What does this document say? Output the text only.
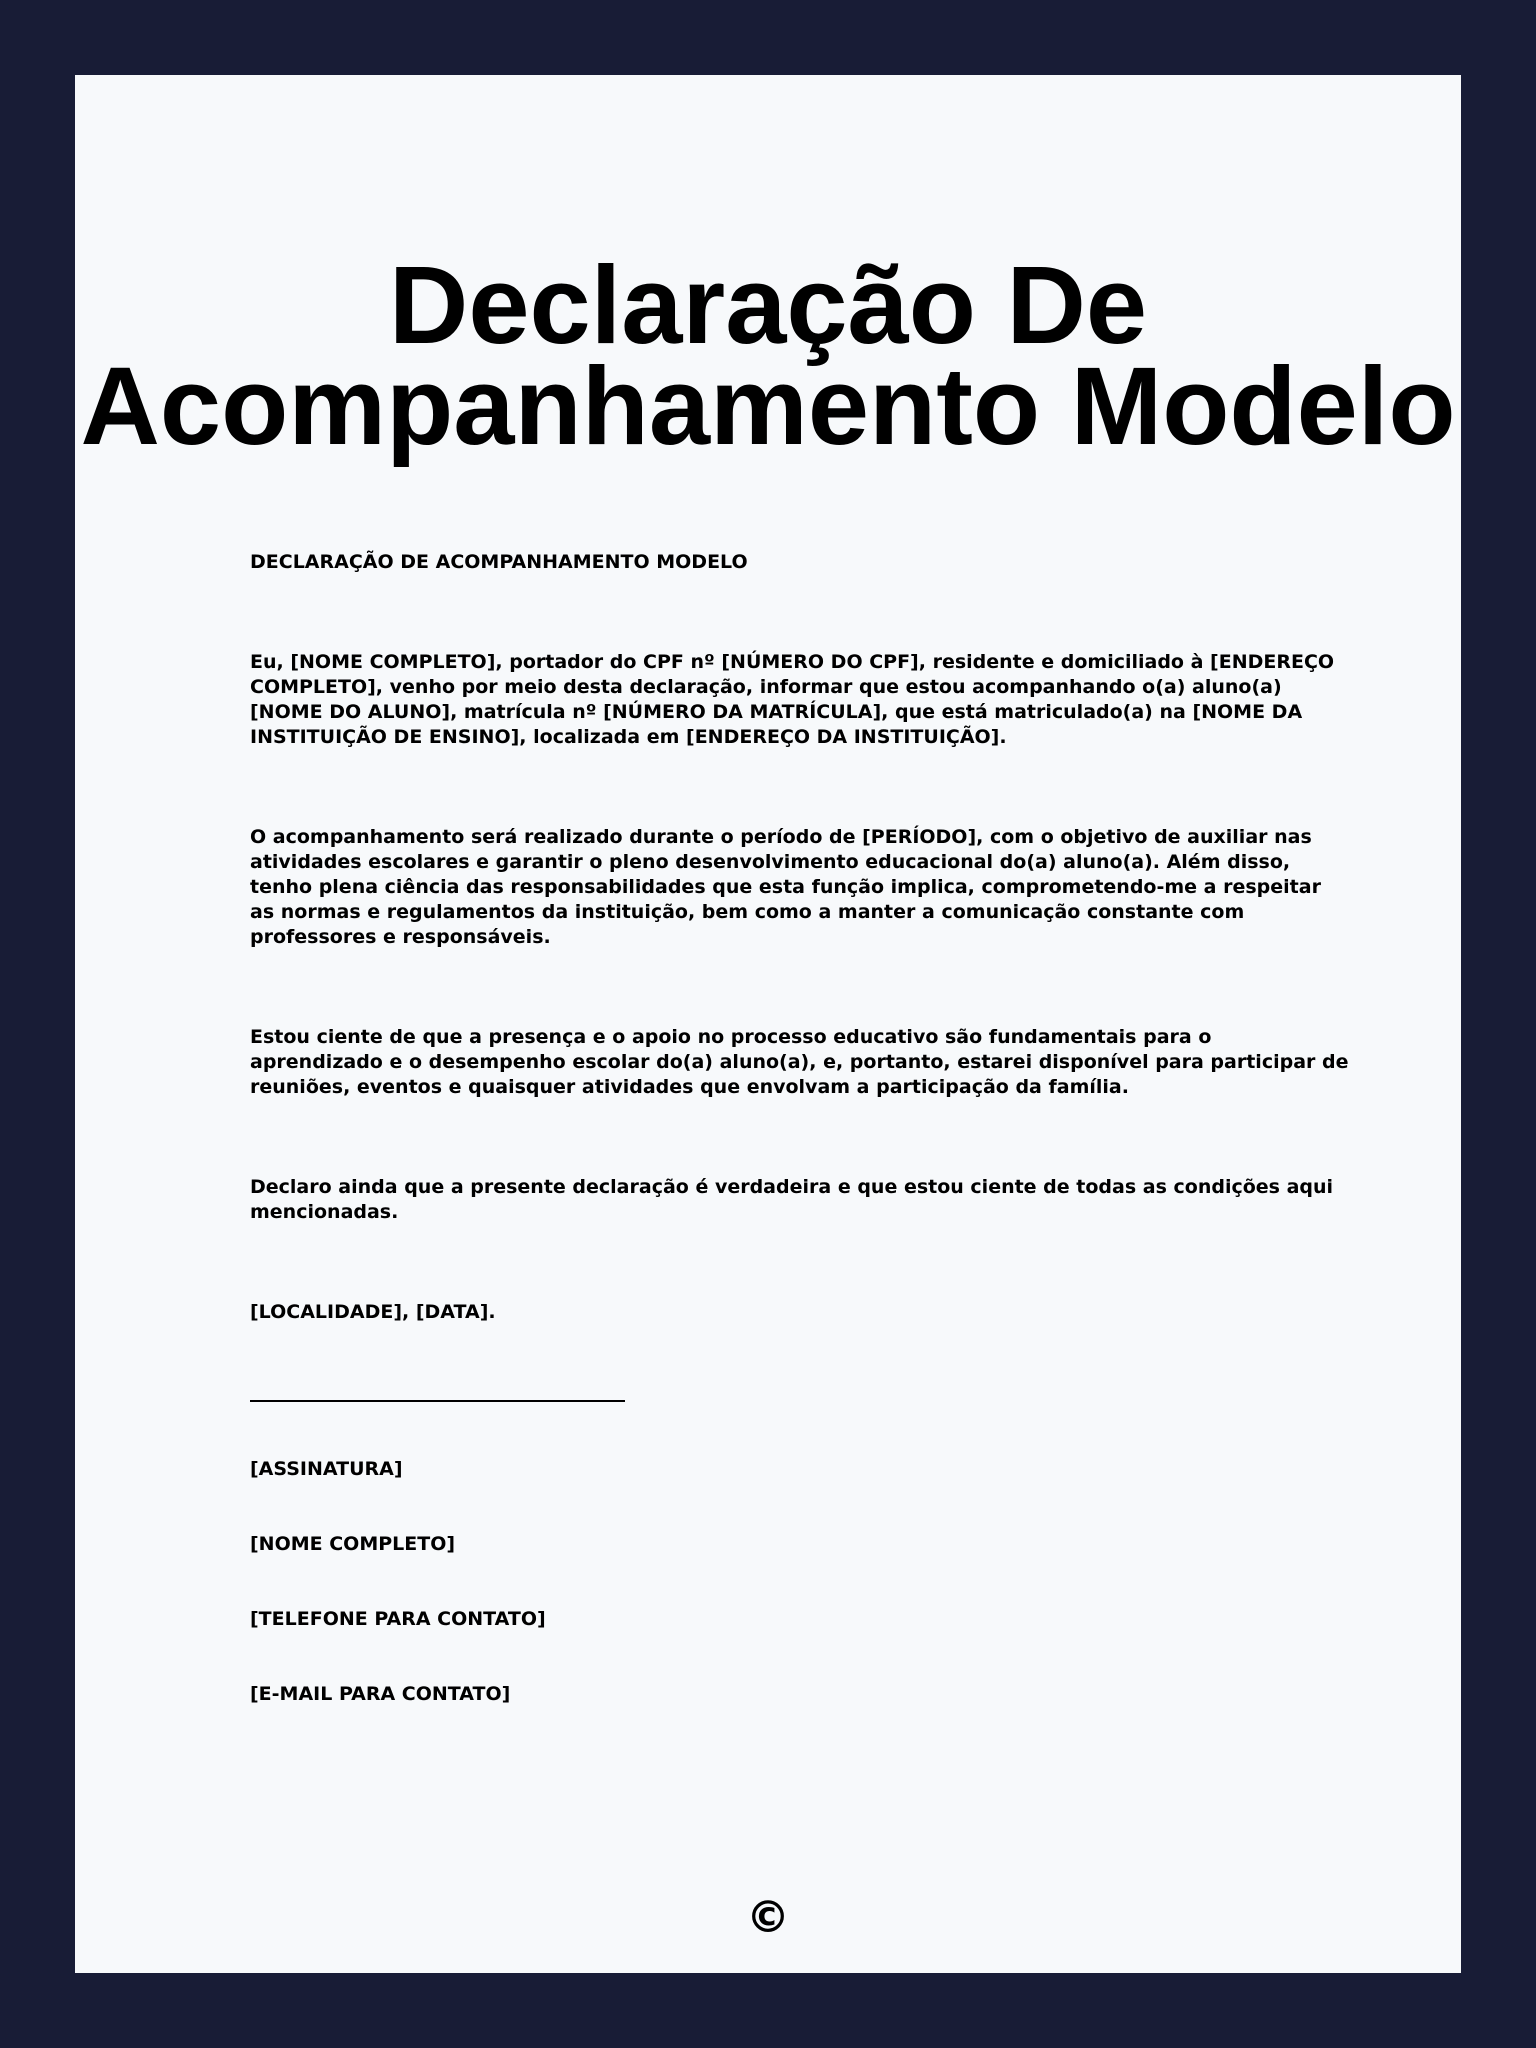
Declaração De
Acompanhamento Modelo

DECLARAÇÃO DE ACOMPANHAMENTO MODELO

Eu, [NOME COMPLETO], portador do CPF nº [NÚMERO DO CPF], residente e domiciliado à [ENDEREÇO COMPLETO], venho por meio desta declaração, informar que estou acompanhando o(a) aluno(a) [NOME DO ALUNO], matrícula nº [NÚMERO DA MATRÍCULA], que está matriculado(a) na [NOME DA INSTITUIÇÃO DE ENSINO], localizada em [ENDEREÇO DA INSTITUIÇÃO].

O acompanhamento será realizado durante o período de [PERÍODO], com o objetivo de auxiliar nas atividades escolares e garantir o pleno desenvolvimento educacional do(a) aluno(a). Além disso, tenho plena ciência das responsabilidades que esta função implica, comprometendo-me a respeitar as normas e regulamentos da instituição, bem como a manter a comunicação constante com professores e responsáveis.

Estou ciente de que a presença e o apoio no processo educativo são fundamentais para o aprendizado e o desempenho escolar do(a) aluno(a), e, portanto, estarei disponível para participar de reuniões, eventos e quaisquer atividades que envolvam a participação da família.

Declaro ainda que a presente declaração é verdadeira e que estou ciente de todas as condições aqui mencionadas.

[LOCALIDADE], [DATA].

[ASSINATURA]

[NOME COMPLETO]

[TELEFONE PARA CONTATO]

[E-MAIL PARA CONTATO]

©
